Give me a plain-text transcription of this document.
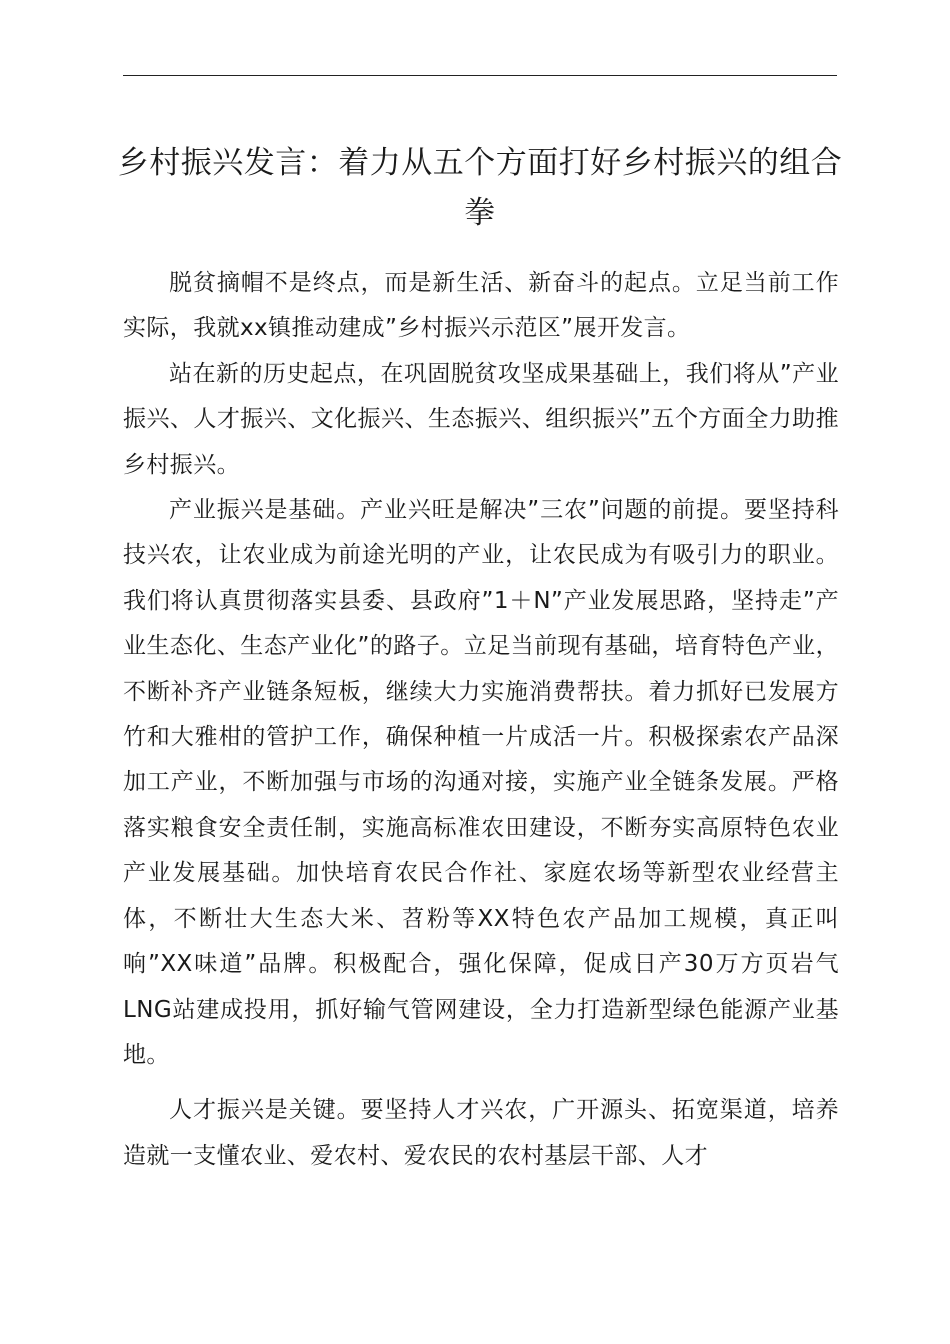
乡村振兴发言：着力从五个方面打好乡村振兴的组合拳

脱贫摘帽不是终点，而是新生活、新奋斗的起点。立足当前工作实际，我就xx镇推动建成”乡村振兴示范区”展开发言。

站在新的历史起点，在巩固脱贫攻坚成果基础上，我们将从”产业振兴、人才振兴、文化振兴、生态振兴、组织振兴”五个方面全力助推乡村振兴。

产业振兴是基础。产业兴旺是解决”三农”问题的前提。要坚持科技兴农，让农业成为前途光明的产业，让农民成为有吸引力的职业。我们将认真贯彻落实县委、县政府”1＋N”产业发展思路，坚持走”产业生态化、生态产业化”的路子。立足当前现有基础，培育特色产业，不断补齐产业链条短板，继续大力实施消费帮扶。着力抓好已发展方竹和大雅柑的管护工作，确保种植一片成活一片。积极探索农产品深加工产业，不断加强与市场的沟通对接，实施产业全链条发展。严格落实粮食安全责任制，实施高标准农田建设，不断夯实高原特色农业产业发展基础。加快培育农民合作社、家庭农场等新型农业经营主体，不断壮大生态大米、苕粉等XX特色农产品加工规模，真正叫响”XX味道”品牌。积极配合，强化保障，促成日产30万方页岩气LNG站建成投用，抓好输气管网建设，全力打造新型绿色能源产业基地。

人才振兴是关键。要坚持人才兴农，广开源头、拓宽渠道，培养造就一支懂农业、爱农村、爱农民的农村基层干部、人才
